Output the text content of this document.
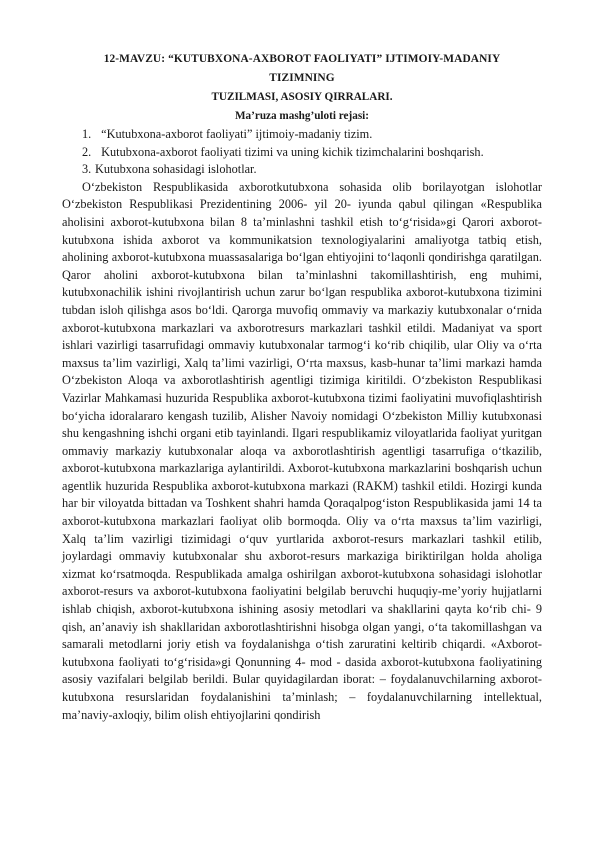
12-MAVZU: “KUTUBXONA-AXBOROT FAOLIYATI” IJTIMOIY-MADANIY
TIZIMNING

TUZILMASI, ASOSIY QIRRALARI.

Ma’ruza mashg’uloti rejasi:

1. “Kutubxona-axborot faoliyati” ijtimoiy-madaniy tizim.
2. Kutubxona-axborot faoliyati tizimi va uning kichik tizimchalarini boshqarish.
3. Kutubxona sohasidagi islohotlar.

O‘zbekiston Respublikasida axborotkutubxona sohasida olib borilayotgan islohotlar O‘zbekiston Respublikasi Prezidentining 2006- yil 20- iyunda qabul qilingan «Respublika aholisini axborot-kutubxona bilan 8 ta’minlashni tashkil etish to‘g‘risida»gi Qarori axborot-kutubxona ishida axborot va kommunikatsion texnologiyalarini amaliyotga tatbiq etish, aholining axborot-kutubxona muassasalariga bo‘lgan ehtiyojini to‘laqonli qondirishga qaratilgan. Qaror aholini axborot-kutubxona bilan ta’minlashni takomillashtirish, eng muhimi, kutubxonachilik ishini rivojlantirish uchun zarur bo‘lgan respublika axborot-kutubxona tizimini tubdan isloh qilishga asos bo‘ldi. Qarorga muvofiq ommaviy va markaziy kutubxonalar o‘rnida axborot-kutubxona markazlari va axborotresurs markazlari tashkil etildi. Madaniyat va sport ishlari vazirligi tasarrufidagi ommaviy kutubxonalar tarmog‘i ko‘rib chiqilib, ular Oliy va o‘rta maxsus ta’lim vazirligi, Xalq ta’limi vazirligi, O‘rta maxsus, kasb-hunar ta’limi markazi hamda O‘zbekiston Aloqa va axborotlashtirish agentligi tizimiga kiritildi. O‘zbekiston Respublikasi Vazirlar Mahkamasi huzurida Respublika axborot-kutubxona tizimi faoliyatini muvofiqlashtirish bo‘yicha idoralararo kengash tuzilib, Alisher Navoiy nomidagi O‘zbekiston Milliy kutubxonasi shu kengashning ishchi organi etib tayinlandi. Ilgari respublikamiz viloyatlarida faoliyat yuritgan ommaviy markaziy kutubxonalar aloqa va axborotlashtirish agentligi tasarrufiga o‘tkazilib, axborot-kutubxona markazlariga aylantirildi. Axborot-kutubxona markazlarini boshqarish uchun agentlik huzurida Respublika axborot-kutubxona markazi (RAKM) tashkil etildi. Hozirgi kunda har bir viloyatda bittadan va Toshkent shahri hamda Qoraqalpog‘iston Respublikasida jami 14 ta axborot-kutubxona markazlari faoliyat olib bormoqda. Oliy va o‘rta maxsus ta’lim vazirligi, Xalq ta’lim vazirligi tizimidagi o‘quv yurtlarida axborot-resurs markazlari tashkil etilib, joylardagi ommaviy kutubxonalar shu axborot-resurs markaziga biriktirilgan holda aholiga xizmat ko‘rsatmoqda. Respublikada amalga oshirilgan axborot-kutubxona sohasidagi islohotlar axborot-resurs va axborot-kutubxona faoliyatini belgilab beruvchi huquqiy-me’yoriy hujjatlarni ishlab chiqish, axborot-kutubxona ishining asosiy metodlari va shakllarini qayta ko‘rib chi- 9 qish, an’anaviy ish shakllaridan axborotlashtirishni hisobga olgan yangi, o‘ta takomillashgan va samarali metodlarni joriy etish va foydalanishga o‘tish zaruratini keltirib chiqardi. «Axborot-kutubxona faoliyati to‘g‘risida»gi Qonunning 4- mod - dasida axborot-kutubxona faoliyatining asosiy vazifalari belgilab berildi. Bular quyidagilardan iborat: – foydalanuvchilarning axborot-kutubxona resurslaridan foydalanishini ta’minlash; – foydalanuvchilarning intellektual, ma’naviy-axloqiy, bilim olish ehtiyojlarini qondirish
